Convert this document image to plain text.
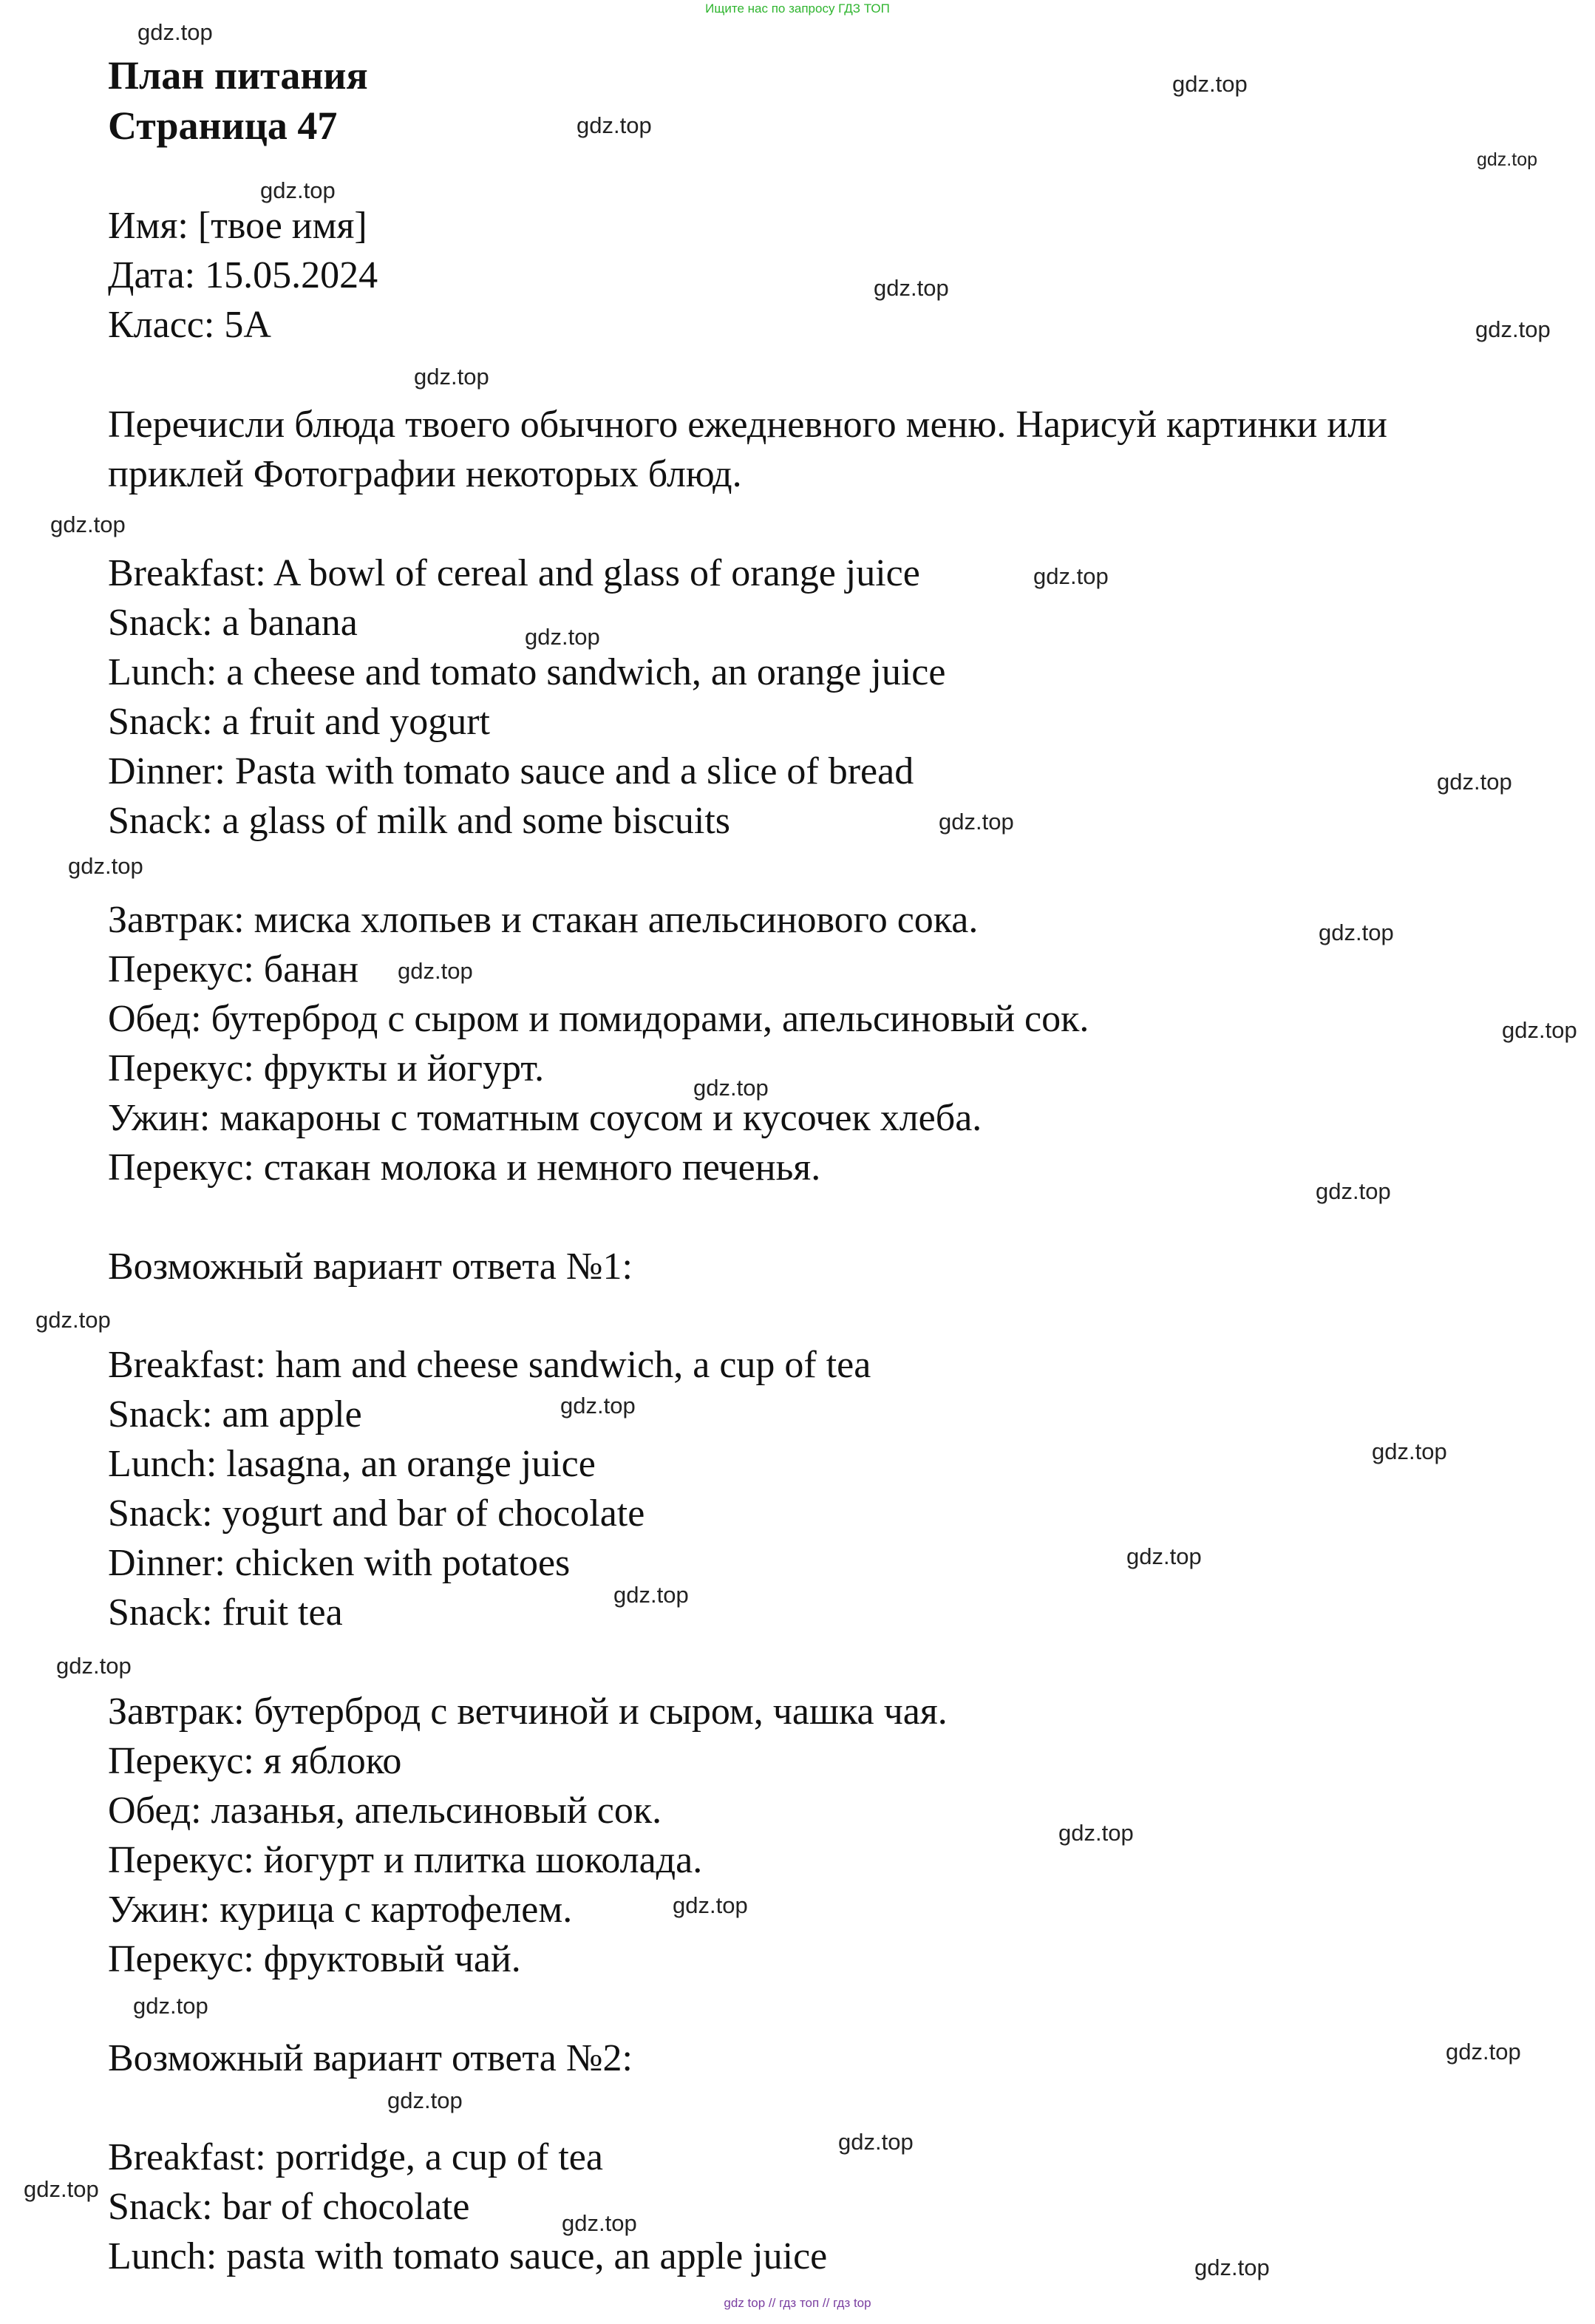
Ищите нас по запросу ГДЗ ТОП
План питания
Страница 47
Имя: [твое имя]
Дата: 15.05.2024
Класс: 5А
Перечисли блюда твоего обычного ежедневного меню. Нарисуй картинки или
приклей Фотографии некоторых блюд.
Breakfast: A bowl of cereal and glass of orange juice
Snack: a banana
Lunch: a cheese and tomato sandwich, an orange juice
Snack: a fruit and yogurt
Dinner: Pasta with tomato sauce and a slice of bread
Snack: a glass of milk and some biscuits
Завтрак: миска хлопьев и стакан апельсинового сока.
Перекус: банан
Обед: бутерброд с сыром и помидорами, апельсиновый сок.
Перекус: фрукты и йогурт.
Ужин: макароны с томатным соусом и кусочек хлеба.
Перекус: стакан молока и немного печенья.
Возможный вариант ответа №1:
Breakfast: ham and cheese sandwich, a cup of tea
Snack: am apple
Lunch: lasagna, an orange juice
Snack: yogurt and bar of chocolate
Dinner: chicken with potatoes
Snack: fruit tea
Завтрак: бутерброд с ветчиной и сыром, чашка чая.
Перекус: я яблоко
Обед: лазанья, апельсиновый сок.
Перекус: йогурт и плитка шоколада.
Ужин: курица с картофелем.
Перекус: фруктовый чай.
Возможный вариант ответа №2:
Breakfast: porridge, a cup of tea
Snack: bar of chocolate
Lunch: pasta with tomato sauce, an apple juice
gdz.top
gdz.top
gdz.top
gdz.top
gdz.top
gdz.top
gdz.top
gdz.top
gdz.top
gdz.top
gdz.top
gdz.top
gdz.top
gdz.top
gdz.top
gdz.top
gdz.top
gdz.top
gdz.top
gdz.top
gdz.top
gdz.top
gdz.top
gdz.top
gdz.top
gdz.top
gdz.top
gdz.top
gdz.top
gdz.top
gdz.top
gdz.top
gdz.top
gdz.top
gdz top // гдз топ // гдз top
